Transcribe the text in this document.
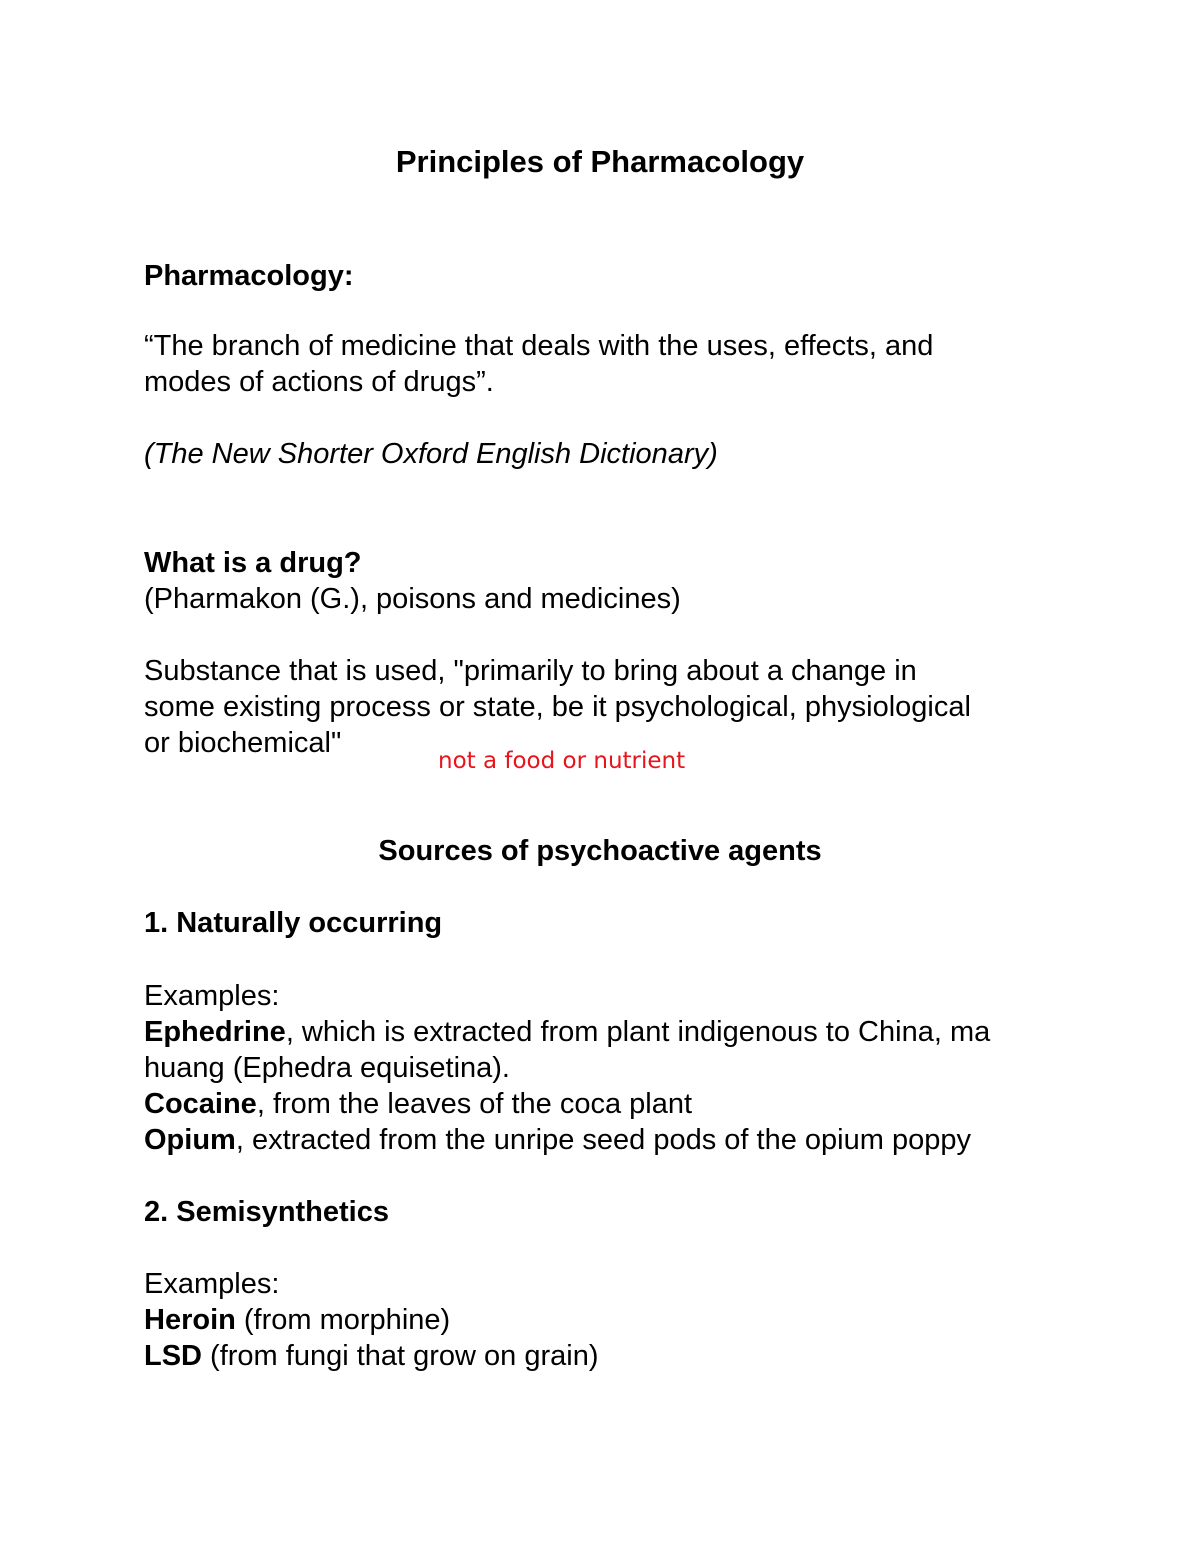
Principles of Pharmacology
Pharmacology:
“The branch of medicine that deals with the uses, effects, and
modes of actions of drugs”.
(The New Shorter Oxford English Dictionary)
What is a drug?
(Pharmakon (G.), poisons and medicines)
Substance that is used, "primarily to bring about a change in
some existing process or state, be it psychological, physiological
or biochemical"
not a food or nutrient
Sources of psychoactive agents
1. Naturally occurring
Examples:
Ephedrine, which is extracted from plant indigenous to China, ma
huang (Ephedra equisetina).
Cocaine, from the leaves of the coca plant
Opium, extracted from the unripe seed pods of the opium poppy
2. Semisynthetics
Examples:
Heroin (from morphine)
LSD (from fungi that grow on grain)
